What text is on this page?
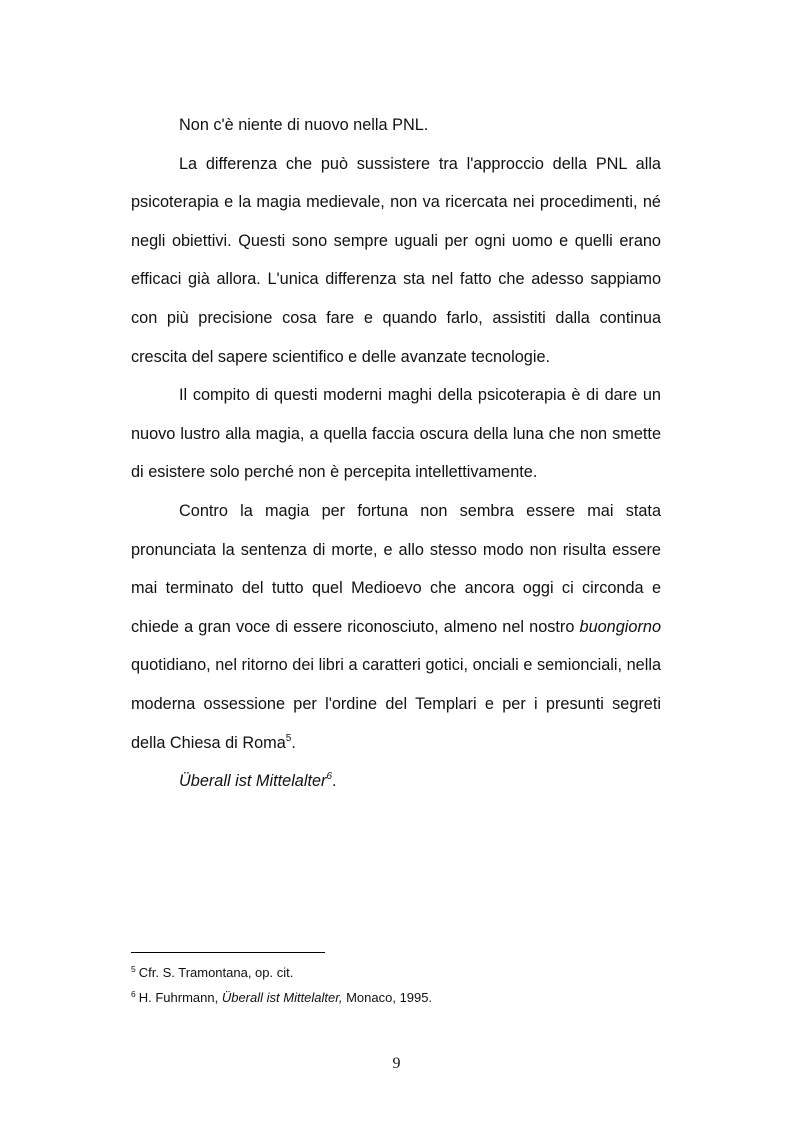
Non c'è niente di nuovo nella PNL.

La differenza che può sussistere tra l'approccio della PNL alla psicoterapia e la magia medievale, non va ricercata nei procedimenti, né negli obiettivi. Questi sono sempre uguali per ogni uomo e quelli erano efficaci già allora. L'unica differenza sta nel fatto che adesso sappiamo con più precisione cosa fare e quando farlo, assistiti dalla continua crescita del sapere scientifico e delle avanzate tecnologie.

Il compito di questi moderni maghi della psicoterapia è di dare un nuovo lustro alla magia, a quella faccia oscura della luna che non smette di esistere solo perché non è percepita intellettivamente.

Contro la magia per fortuna non sembra essere mai stata pronunciata la sentenza di morte, e allo stesso modo non risulta essere mai terminato del tutto quel Medioevo che ancora oggi ci circonda e chiede a gran voce di essere riconosciuto, almeno nel nostro buongiorno quotidiano, nel ritorno dei libri a caratteri gotici, onciali e semionciali, nella moderna ossessione per l'ordine del Templari e per i presunti segreti della Chiesa di Roma$^5$.

Überall ist Mittelalter$^6$.

$^5$ Cfr. S. Tramontana, op. cit.

$^6$ H. Fuhrmann, Überall ist Mittelalter, Monaco, 1995.

9
